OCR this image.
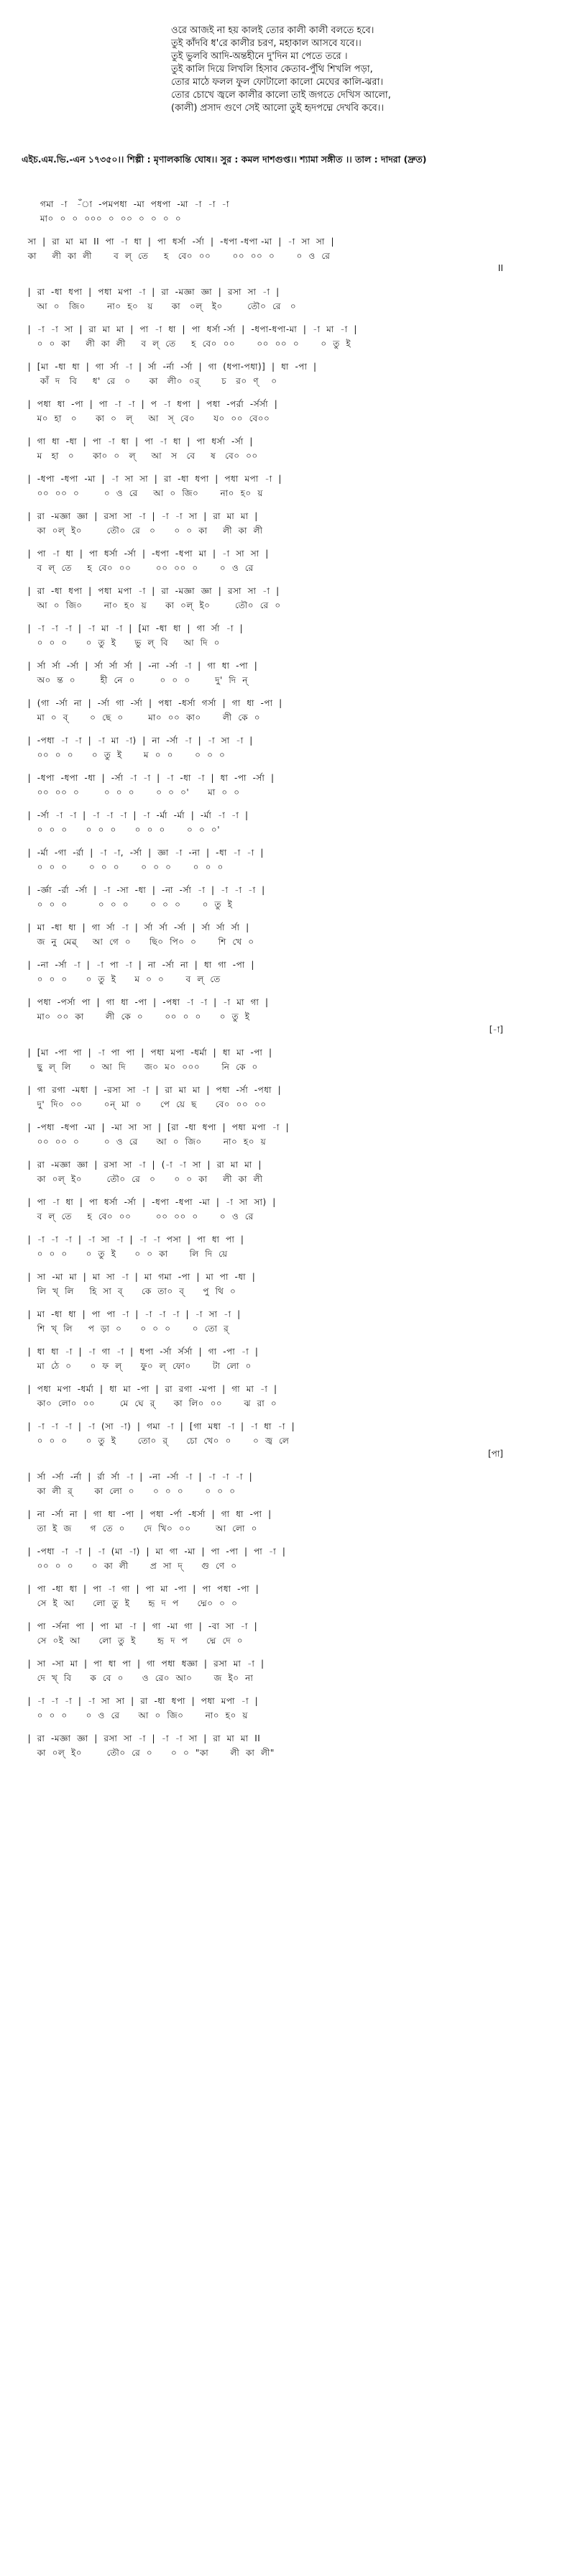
ওরে আজই না হয় কালই তোর কালী কালী বলতে হবে।
তুই কাঁদবি ধ'রে কালীর চরণ, মহাকাল আসবে যবে।।
তুই ভুলবি আদি-অন্তহীনে দু'দিন মা পেতে তরে ।
তুই কালি দিয়ে লিখলি হিসাব কেতাব-পুঁথি শিখলি পড়া,
তোর মাঠে ফলল ফুল ফোটালো কালো মেঘের কালি-ঝরা।
তোর চোখে জ্বলে কালীর কালো তাই জগতে দেখিস আলো,
(কালী) প্রসাদ গুণে সেই আলো তুই হৃদপদ্মে দেখবি কবে।।
এইচ.এম.ভি.-এন ১৭৩৫০।। শিল্পী : মৃণালকান্তি ঘোষ।। সুর : কমল দাশগুপ্ত।। শ্যামা সঙ্গীত ।। তাল : দাদরা (দ্রুত)
গমা  -া   -ঁা  -পমপধা  -মা  পধপা  -মা  -া  -া  -া
মা০  ০  ০  ০০০  ০  ০০  ০  ০  ০  ০
সা  |  রা  মা  মা  II  পা  -া  ধা  |  পা  ধর্সা  -র্সা  |  -ধপা -ধপা -মা  |  -া  সা  সা  |
কা     লী  কা  লী       ব  ল্  তে     হ   বে০  ০০       ০০  ০০  ০       ০  ও  রে
II
|  রা  -ধা  ধপা  |  পধা  মপা  -া  |  রা  -মজ্ঞা  জ্ঞা  |  রসা  সা  -া  |
আ  ০   জি০       না০  হ০   য়      কা   ০ল্   ই০        তৌ০  রে   ০
|  -া  -া  সা  |  রা  মা  মা  |  পা  -া  ধা  |  পা  ধর্সা -র্সা  |  -ধপা-ধপা-মা  |  -া  মা  -া  |
০  ০  কা     লী  কা  লী     ব  ল্  তে     হ  বে০  ০০       ০০  ০০  ০       ০  তু  ই
|  [মা  -ধা  ধা  |  গা  র্সা  -া  |  র্সা  -র্না  -র্সা  |  গা  (ধপা-পধা)]  |  ধা  -পা  |
কাঁ  দ   বি     ধ'  রে   ০      কা   লী০  ০র্       চ   র০  ণ্    ০
|  পধা  ধা  -পা  |  পা  -া  -া  |  প  -া  ধপা  |  পধা  -পর্রা  -র্সর্সা  |
ম০  হা   ০      কা  ০   ল্     আ   স্  বে০      য০  ০০  বে০০
|  গা  ধা  -ধা  |  পা  -া  ধা  |  পা  -া  ধা  |  পা  ধর্সা  -র্সা  |
ম   হা   ০      কা০  ০   ল্     আ   স   বে     ষ   বে০  ০০
|  -ধপা  -ধপা  -মা  |  -া  সা  সা  |  রা  -ধা  ধপা  |  পধা  মপা  -া  |
০০  ০০  ০        ০  ও  রে     আ  ০  জি০       না০  হ০  য়
|  রা  -মজ্ঞা  জ্ঞা  |  রসা  সা  -া  |  -া  -া  সা  |  রা  মা  মা  |
কা  ০ল্  ই০        তৌ০  রে   ০      ০  ০  কা     লী  কা  লী
|  পা  -া  ধা  |  পা  ধর্সা  -র্সা  |  -ধপা  -ধপা  মা  |  -া  সা  সা  |
ব  ল্  তে     হ  বে০  ০০        ০০  ০০  ০       ০  ও  রে
|  রা  -ধা  ধপা  |  পধা  মপা  -া  |  রা  -মজ্ঞা  জ্ঞা  |  রসা  সা  -া  |
আ  ০  জি০       না০  হ০  য়      কা  ০ল্  ই০        তৌ০  রে  ০
|  -া  -া  -া  |  -া  মা  -া  |  [মা  -ধা  ধা  |  গা  র্সা  -া  |
০  ০  ০      ০  তু  ই      ভু  ল্  বি     আ  দি  ০
|  র্সা  র্সা  -র্সা  |  র্সা  র্সা  র্সা  |  -না  -র্সা  -া  |  গা  ধা  -পা  |
অ০  ন্ত  ০        হী  নে  ০        ০  ০  ০        দু'  দি  ন্
|  (গা  -র্সা  না  |  -র্সা  গা  -র্সা  |  পধা  -ধর্সা  গর্সা  |  গা  ধা  -পা  |
মা  ০  ব্       ০  ছে  ০        মা০  ০০  কা০       লী  কে  ০
|  -পধা  -া  -া  |  -া  মা  -া)  |  না  -র্সা  -া  |  -া  সা  -া  |
০০  ০  ০      ০  তু  ই       ম  ০  ০       ০  ০  ০
|  -ধপা  -ধপা  -ধা  |  -র্সা  -া  -া  |  -া  -ধা  -া  |  ধা  -পা  -র্সা  |
০০  ০০  ০        ০  ০  ০       ০  ০  ০'      মা  ০  ০
|  -র্সা  -া  -া  |  -া  -া  -া  |  -া  -র্মা  -র্মা  |  -র্মা  -া  -া  |
০  ০  ০      ০  ০  ০      ০  ০  ০       ০  ০  ০'
|  -র্মা  -গা  -র্রা  |  -া  -া,  -র্সা  |  জ্ঞা  -া  -না  |  -ধা  -া  -া  |
০  ০  ০       ০  ০  ০       ০  ০  ০       ০  ০  ০
|  -র্জ্ঞা  -র্রা  -র্সা  |  -া  -সা  -ধা  |  -না  -র্সা  -া  |  -া  -া  -া  |
০  ০  ০          ০  ০  ০       ০  ০  ০       ০  তু  ই
|  মা  -ধা  ধা  |  গা  র্সা  -া  |  র্সা  র্সা  -র্সা  |  র্সা  র্সা  র্সা  |
জ  নু  মেৱ্     আ  গে  ০      ছি০  পি০  ০       শি  খে  ০
|  -না  -র্সা  -া  |  -া  পা  -া  |  না  -র্সা  না  |  ধা  গা  -পা  |
০  ০  ০      ০  তু  ই      ম  ০  ০       ব  ল্  তে
|  পধা  -পর্সা  পা  |  গা  ধা  -পা  |  -পধা  -া  -া  |  -া  মা  গা  |
মা০  ০০  কা       লী  কে  ০       ০০  ০  ০      ০  তু  ই
[-া]
|  [মা  -পা  পা  |  -া  পা  পা  |  পধা  মপা  -ধর্মা  |  ধা  মা  -পা  |
ছু  ল্  লি      ০  আ  দি      জ০  ম০  ০০০       নি  কে  ০
|  গা  রগা  -মধা  |  -রসা  সা  -া  |  রা  মা  মা  |  পধা  -র্সা  -পধা  |
দু'  দি০  ০০       ০ন্  মা  ০      পে  য়ে  ছ      বে০  ০০  ০০
|  -পধা  -ধপা  -মা  |  -মা  সা  সা  |  [রা  -ধা  ধপা  |  পধা  মপা  -া  |
০০  ০০  ০        ০  ও  রে      আ  ০  জি০       না০  হ০  য়
|  রা  -মজ্ঞা  জ্ঞা  |  রসা  সা  -া  |  (-া  -া  সা  |  রা  মা  মা  |
কা  ০ল্  ই০        তৌ০  রে   ০      ০  ০  কা     লী  কা  লী
|  পা  -া  ধা  |  পা  ধর্সা  -র্সা  |  -ধপা  -ধপা  -মা  |  -া  সা  সা)  |
ব  ল্  তে     হ  বে০  ০০        ০০  ০০  ০       ০  ও  রে
|  -া  -া  -া  |  -া  সা  -া  |  -া  -া  পসা  |  পা  ধা  পা  |
০  ০  ০      ০  তু  ই      ০  ০  কা       লি  দি  য়ে
|  সা  -মা  মা  |  মা  সা  -া  |  মা  গমা  -পা  |  মা  পা  -ধা  |
লি  খ্  লি     হি  সা  ব্      কে  তা০  ব্      পু  থি  ০
|  মা  -ধা  ধা  |  পা  পা  -া  |  -া  -া  -া  |  -া  সা  -া  |
শি  খ্  লি     প  ড়া  ০      ০  ০  ০       ০  তো  র্
|  ধা  ধা  -া  |  -া  গা  -া  |  ধপা  -র্সা  র্সর্সা  |  গা  -পা  -া  |
মা  ঠে  ০      ০  ফ  ল্      ফু০  ল্  ফো০       টা  লো  ০
|  পধা  মপা  -ধর্মা  |  ধা  মা  -পা  |  রা  রগা  -মপা  |  গা  মা  -া  |
কা০  লো০  ০০        মে  ঘে  র্      কা  লি০  ০০       ঝ  রা  ০
|  -া  -া  -া  |  -া  (সা  -া)  |  গমা  -া  |  [গা  মধা  -া  |  -া  ধা  -া  |
০  ০  ০      ০  তু  ই       তো০  র্      চো  খে০  ০       ০  জ্ব  লে
[পা]
|  র্সা  -র্সা  -র্না  |  র্রা  র্সা  -া  |  -না  -র্সা  -া  |  -া  -া  -া  |
কা  লী  র্       কা  লো  ০      ০  ০  ০       ০  ০  ০
|  না  -র্সা  না  |  গা  ধা  -পা  |  পধা  -র্পা  -ধর্সা  |  গা  ধা  -পা  |
তা  ই  জ      গ  তে  ০      দে  খি০  ০০        আ  লো  ০
|  -পধা  -া  -া  |  -া  (মা  -া)  |  মা  গা  -মা  |  পা  -পা  |  পা  -া  |
০০  ০  ০      ০  কা  লী       প্র  সা  দ্      গু  ণে  ০
|  পা  -ধা  ধা  |  পা  -া  গা  |  পা  মা  -পা  |  পা  পধা  -পা  |
সে  ই  আ      লো  তু  ই      হৃ  দ  প      দ্মে০  ০  ০
|  পা  -র্সনা  পা  |  পা  মা  -া  |  গা  -মা  গা  |  -বা  সা  -া  |
সে  ০ই  আ      লো  তু  ই       হৃ  দ  প      দ্মে  দে  ০
|  সা  -সা  মা  |  পা  ধা  পা  |  গা  পধা  ধজ্ঞা  |  রসা  মা  -া  |
দে  খ্  বি      ক  বে  ০      ও  রে০  আ০       জ  ই০  না
|  -া  -া  -া  |  -া  সা  সা  |  রা  -ধা  ধপা  |  পধা  মপা  -া  |
০  ০  ০      ০  ও  রে      আ  ০  জি০       না০  হ০  য়
|  রা  -মজ্ঞা  জ্ঞা  |  রসা  সা  -া  |  -া  -া  সা  |  রা  মা  মা  II
কা  ০ল্  ই০        তৌ০  রে  ০      ০  ০  "কা       লী  কা  লী"
